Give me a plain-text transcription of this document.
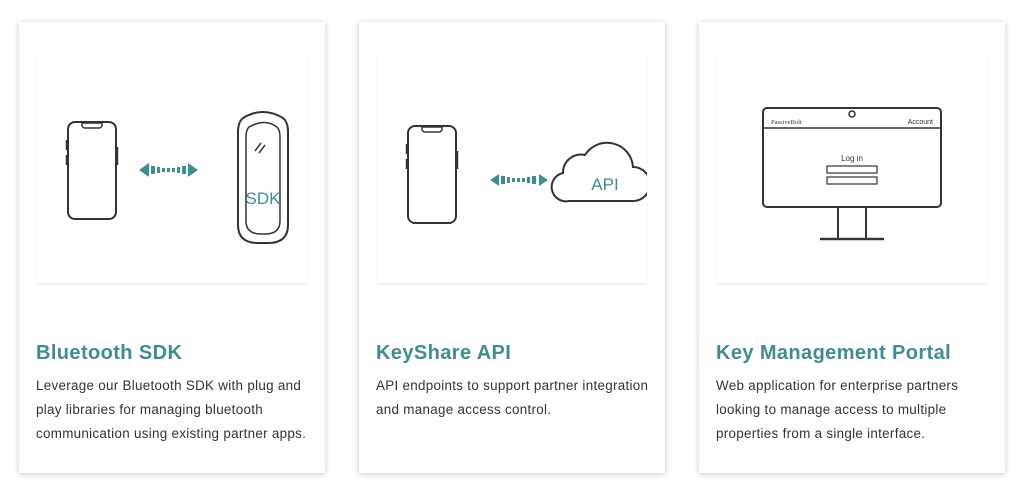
SDK
Bluetooth SDK

Leverage our Bluetooth SDK with plug and play libraries for managing bluetooth communication using existing partner apps.

API
KeyShare API

API endpoints to support partner integration and manage access control.

PassiveBolt	Account
Log in
Key Management Portal

Web application for enterprise partners looking to manage access to multiple properties from a single interface.
